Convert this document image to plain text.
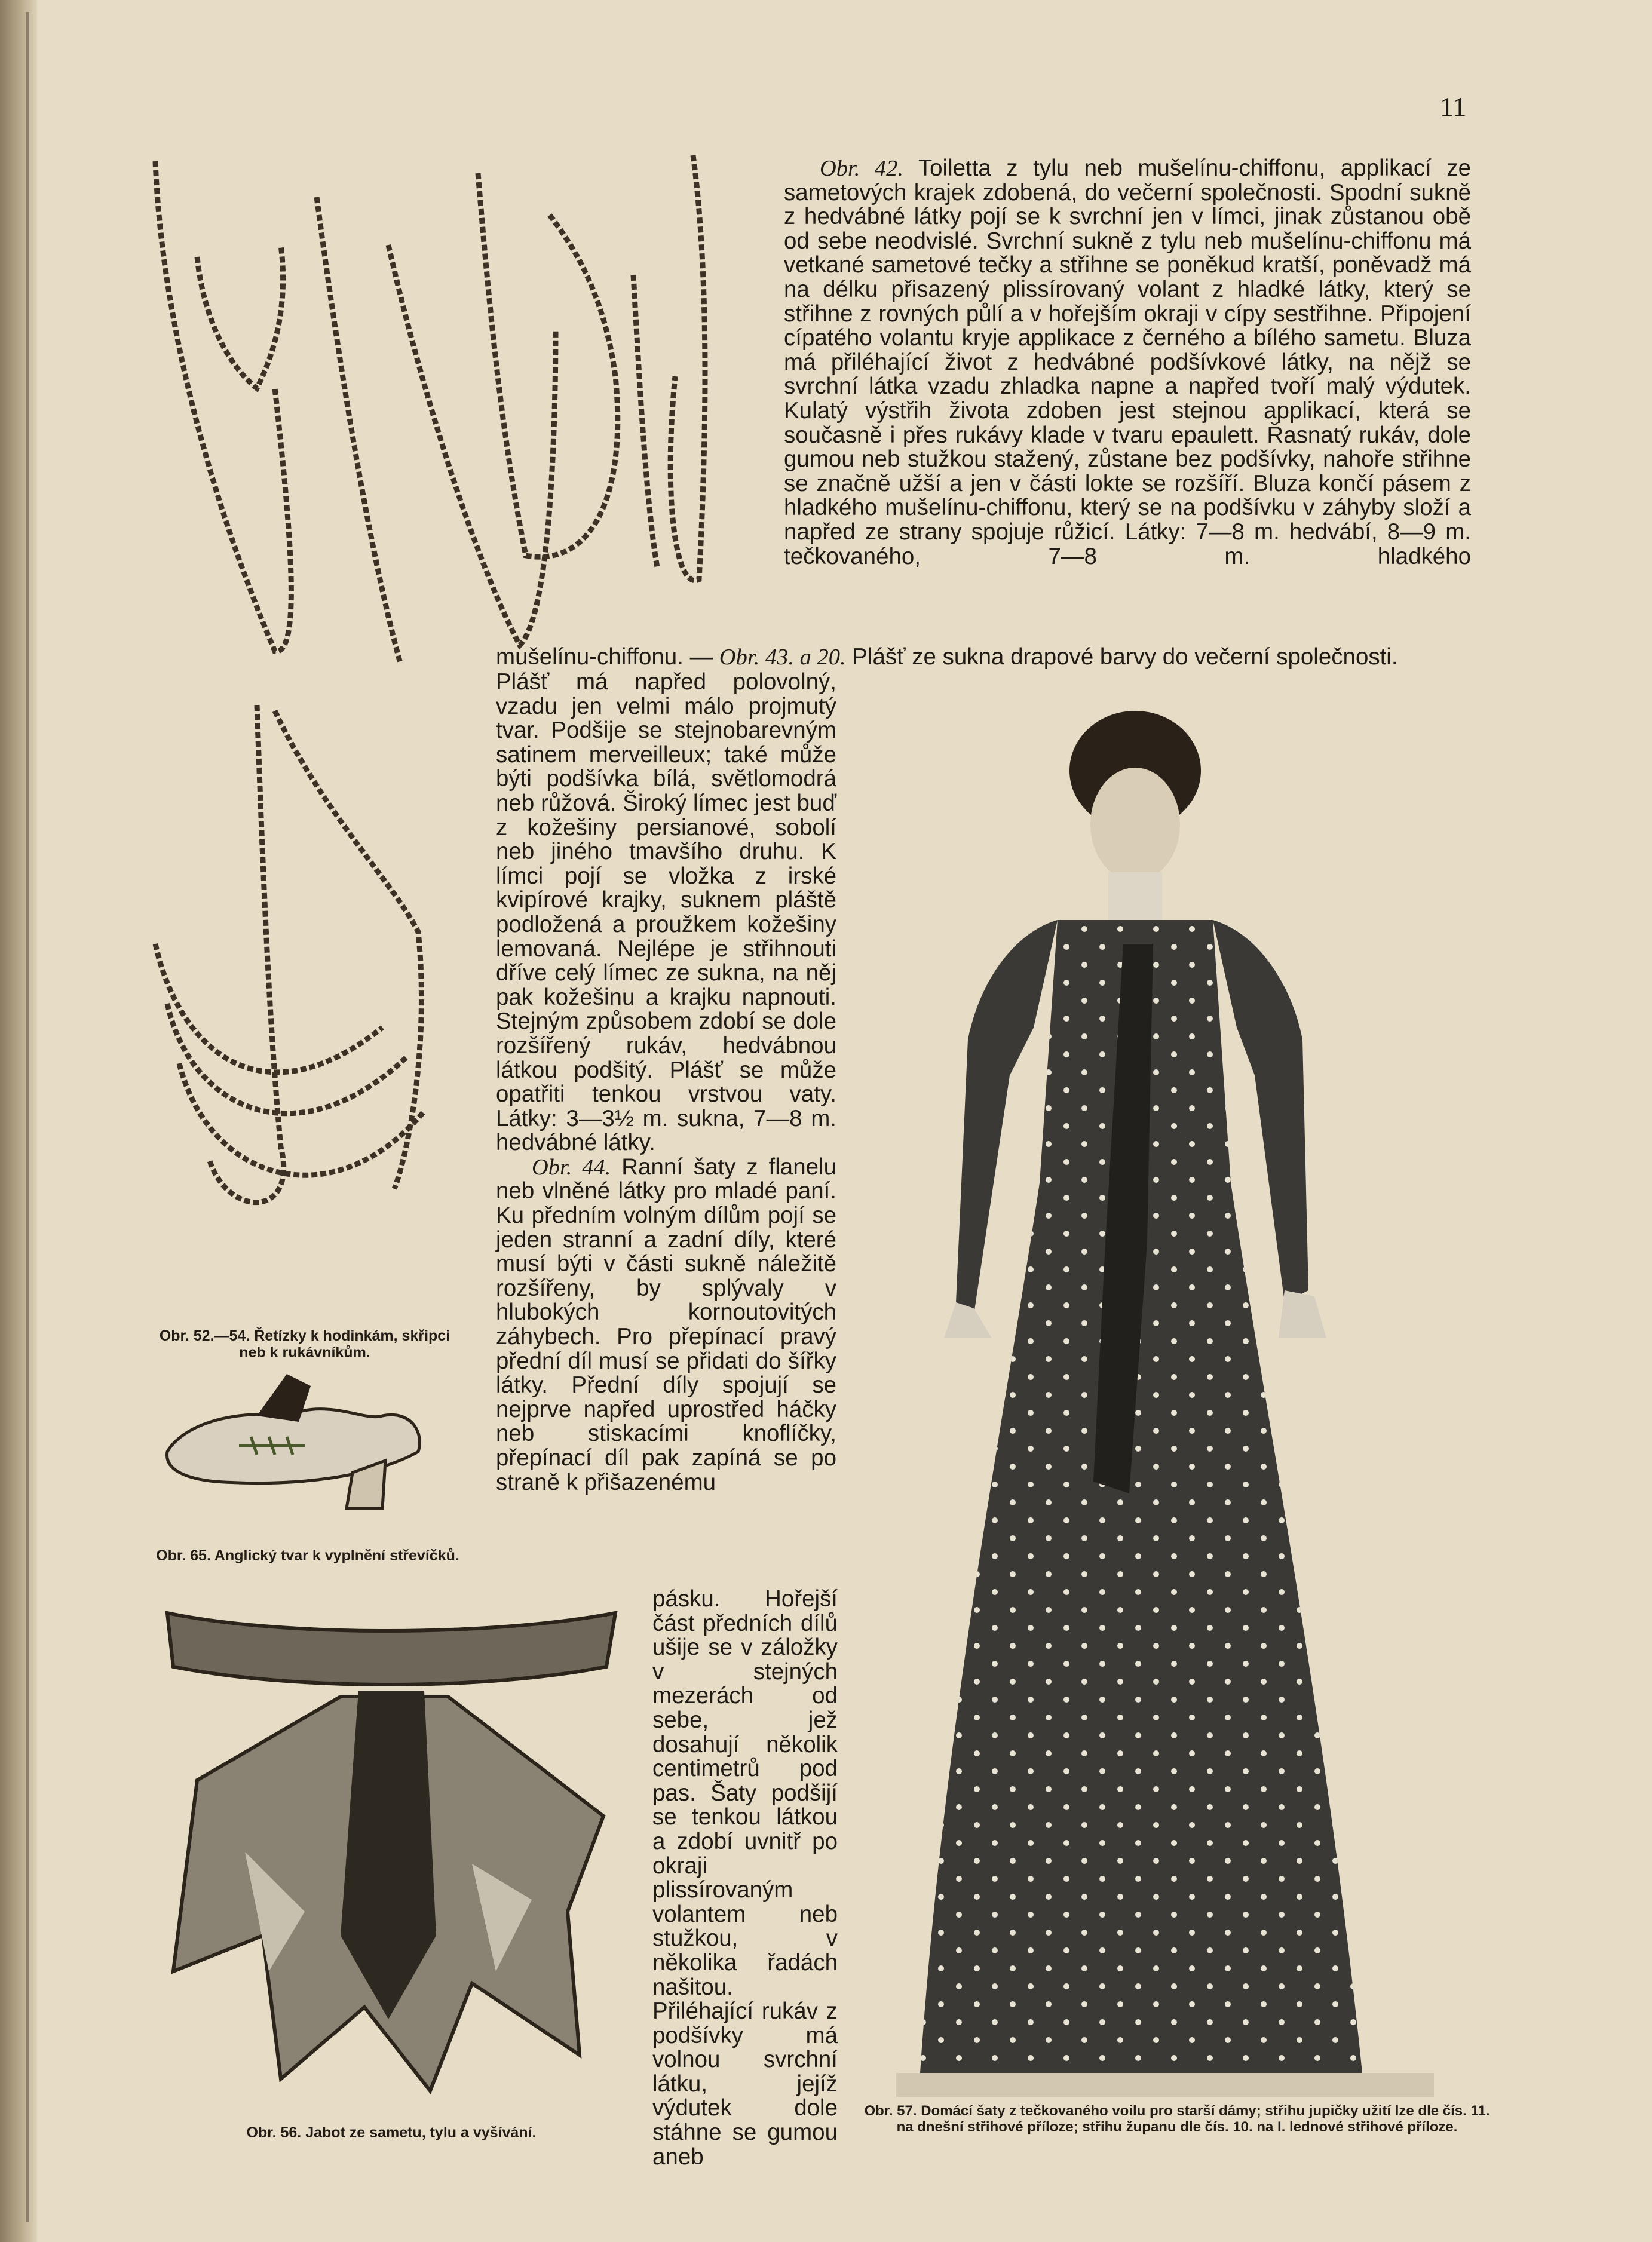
11
Obr. 42. Toiletta z tylu neb mušelínu-chiffonu, applikací ze sametových krajek zdobená, do večerní společnosti. Spodní sukně z hedvábné látky pojí se k svrchní jen v límci, jinak zůstanou obě od sebe neodvislé. Svrchní sukně z tylu neb mušelínu-chiffonu má vetkané sametové tečky a střihne se poněkud kratší, poněvadž má na délku přisazený plissírovaný volant z hladké látky, který se střihne z rovných půlí a v hořejším okraji v cípy sestřihne. Připojení cípatého volantu kryje applikace z černého a bílého sametu. Bluza má přiléhající život z hedvábné podšívkové látky, na nějž se svrchní látka vzadu zhladka napne a napřed tvoří malý výdutek. Kulatý výstřih života zdoben jest stejnou applikací, která se současně i přes rukávy klade v tvaru epaulett. Řasnatý rukáv, dole gumou neb stužkou stažený, zůstane bez podšívky, nahoře střihne se značně užší a jen v části lokte se rozšíří. Bluza končí pásem z hladkého mušelínu-chiffonu, který se na podšívku v záhyby složí a napřed ze strany spojuje růžicí. Látky: 7—8 m. hedvábí, 8—9 m. tečkovaného, 7—8 m. hladkého
mušelínu-chiffonu. — Obr. 43. a 20. Plášť ze sukna drapové barvy do večerní společnosti.
Plášť má napřed polovolný, vzadu jen velmi málo projmutý tvar. Podšije se stejnobarevným satinem merveilleux; také může býti podšívka bílá, světlomodrá neb růžová. Široký límec jest buď z kožešiny persianové, sobolí neb jiného tmavšího druhu. K límci pojí se vložka z irské kvipírové krajky, suknem pláště podložená a proužkem kožešiny lemovaná. Nejlépe je střihnouti dříve celý límec ze sukna, na něj pak kožešinu a krajku napnouti. Stejným způsobem zdobí se dole rozšířený rukáv, hedvábnou látkou podšitý. Plášť se může opatřiti tenkou vrstvou vaty. Látky: 3—3½ m. sukna, 7—8 m. hedvábné látky.
Obr. 44. Ranní šaty z flanelu neb vlněné látky pro mladé paní. Ku předním volným dílům pojí se jeden stranní a zadní díly, které musí býti v části sukně náležitě rozšířeny, by splývaly v hlubokých kornoutovitých záhybech. Pro přepínací pravý přední díl musí se přidati do šířky látky. Přední díly spojují se nejprve napřed uprostřed háčky neb stiskacími knoflíčky, přepínací díl pak zapíná se po straně k přišazenému
pásku. Hořejší část předních dílů ušije se v záložky v stejných mezerách od sebe, jež dosahují několik centimetrů pod pas. Šaty podšijí se tenkou látkou a zdobí uvnitř po okraji plissírovaným volantem neb stužkou, v několika řadách našitou. Přiléhající rukáv z podšívky má volnou svrchní látku, jejíž výdutek dole stáhne se gumou aneb
Obr. 52.—54. Řetízky k hodinkám, skřipci neb k rukávníkům.
Obr. 65. Anglický tvar k vyplnění střevíčků.
Obr. 56. Jabot ze sametu, tylu a vyšívání.
Obr. 57. Domácí šaty z tečkovaného voilu pro starší dámy; střihu jupičky užití lze dle čís. 11. na dnešní střihové příloze; střihu županu dle čís. 10. na I. lednové střihové příloze.
